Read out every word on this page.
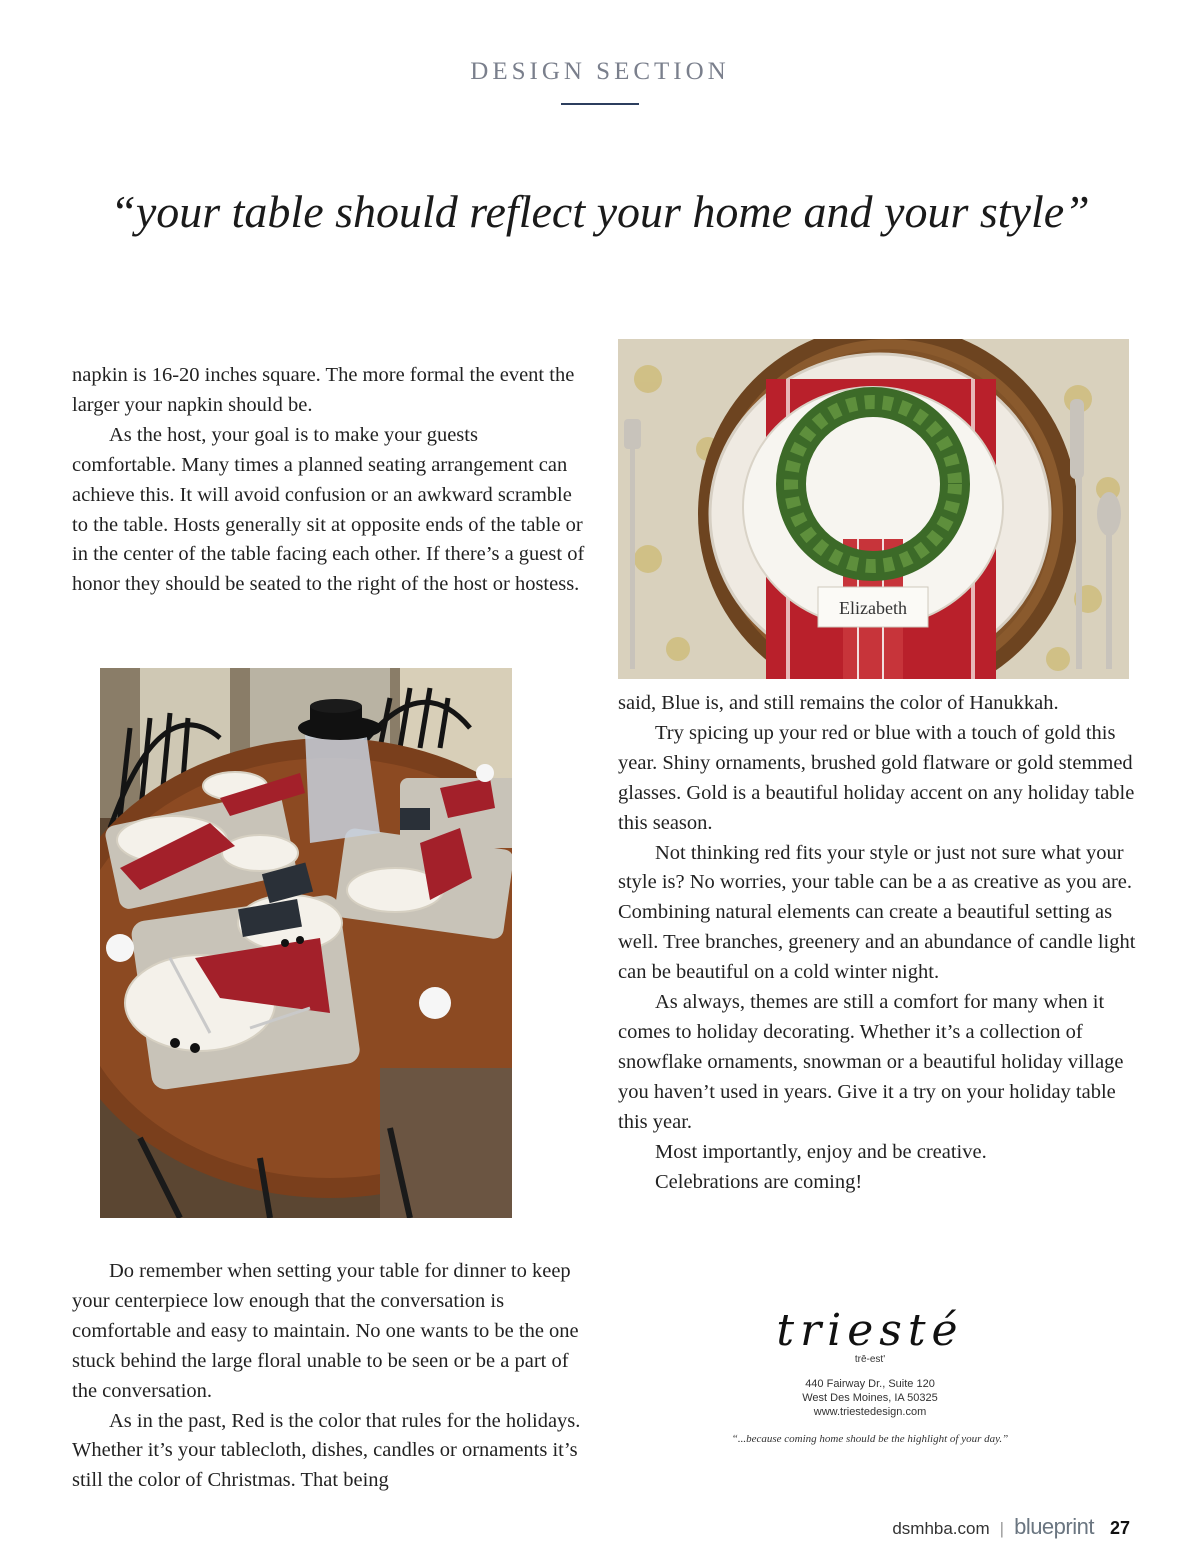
DESIGN SECTION
“your table should reflect your home and your style”

napkin is 16-20 inches square. The more formal the event the larger your napkin should be.

As the host, your goal is to make your guests comfortable. Many times a planned seating arrangement can achieve this. It will avoid confusion or an awkward scramble to the table. Hosts generally sit at opposite ends of the table or in the center of the table facing each other. If there’s a guest of honor they should be seated to the right of the host or hostess.

Do remember when setting your table for dinner to keep your centerpiece low enough that the conversation is comfortable and easy to maintain. No one wants to be the one stuck behind the large floral unable to be seen or be a part of the conversation.

As in the past, Red is the color that rules for the holidays. Whether it’s your tablecloth, dishes, candles or ornaments it’s still the color of Christmas. That being

Elizabeth

said, Blue is, and still remains the color of Hanukkah.

Try spicing up your red or blue with a touch of gold this year. Shiny ornaments, brushed gold flatware or gold stemmed glasses. Gold is a beautiful holiday accent on any holiday table this season.

Not thinking red fits your style or just not sure what your style is? No worries, your table can be a as creative as you are. Combining natural elements can create a beautiful setting as well. Tree branches, greenery and an abundance of candle light can be beautiful on a cold winter night.

As always, themes are still a comfort for many when it comes to holiday decorating. Whether it’s a collection of snowflake ornaments, snowman or a beautiful holiday village you haven’t used in years. Give it a try on your holiday table this year.

Most importantly, enjoy and be creative.

Celebrations are coming!

triesté
trē-est'
440 Fairway Dr., Suite 120
West Des Moines, IA 50325
www.triestedesign.com
“...because coming home should be the highlight of your day.”
dsmhba.com | blueprint 27
